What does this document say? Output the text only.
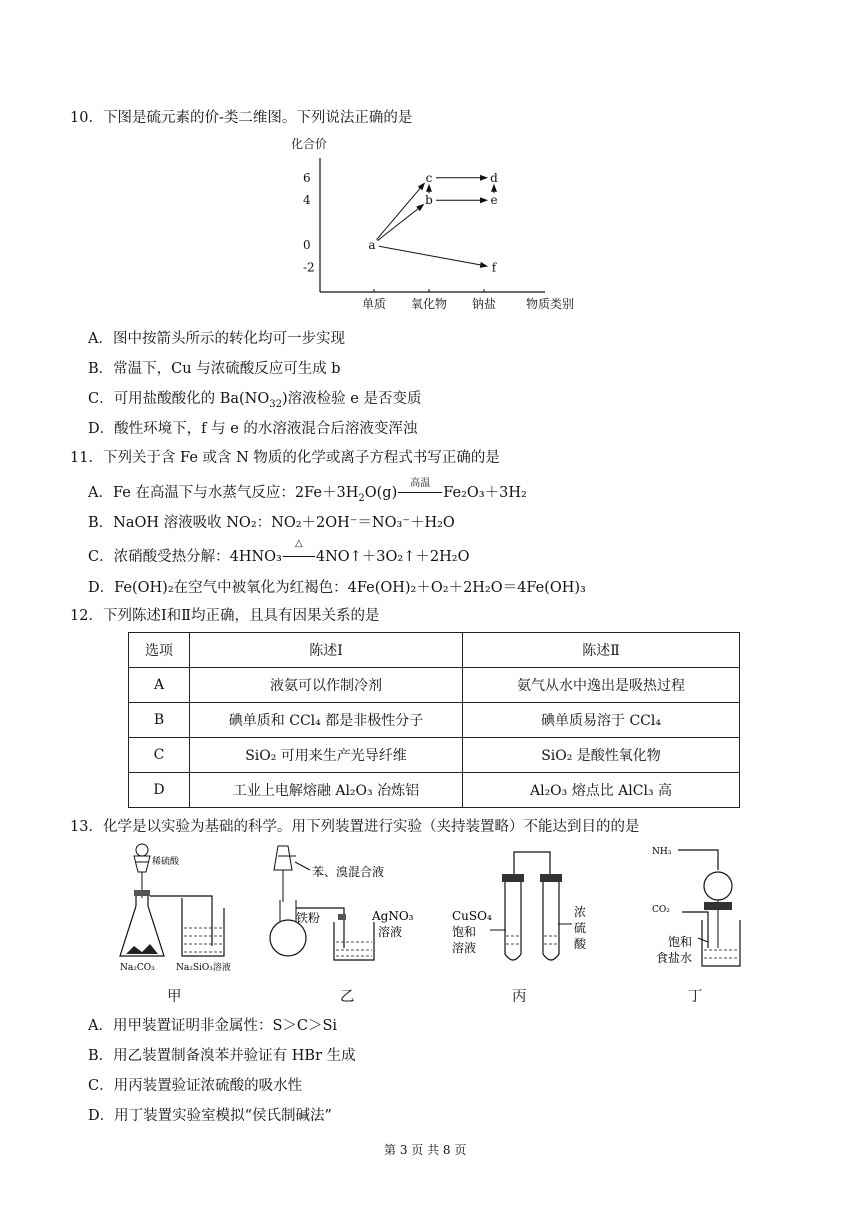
10．下图是硫元素的价-类二维图。下列说法正确的是
化合价
6
4
0
-2
单质 氧化物 钠盐
a
b
c	d
e
f
物质类别
A．图中按箭头所示的转化均可一步实现
B．常温下，Cu 与浓硫酸反应可生成 b
C．可用盐酸酸化的 $Ba(NO_{32})$溶液检验 e 是否变质
D．酸性环境下，f 与 e 的水溶液混合后溶液变浑浊
11．下列关于含 Fe 或含 N 物质的化学或离子方程式书写正确的是
A．Fe 在高温下与水蒸气反应：$2Fe+3H_2O(g)$
高温
Fe₂O₃＋3H₂
B．NaOH 溶液吸收 NO₂：NO₂＋2OH⁻＝NO₃⁻＋H₂O
C．浓硝酸受热分解：4HNO₃
△
4NO↑＋3O₂↑＋2H₂O
D．Fe(OH)₂在空气中被氧化为红褐色：4Fe(OH)₂＋O₂＋2H₂O＝4Fe(OH)₃
12．下列陈述Ⅰ和Ⅱ均正确，且具有因果关系的是
选项	陈述Ⅰ	陈述Ⅱ
A	液氨可以作制冷剂	氨气从水中逸出是吸热过程
B	碘单质和 CCl₄ 都是非极性分子	碘单质易溶于 CCl₄
C	SiO₂ 可用来生产光导纤维	SiO₂ 是酸性氧化物
D	工业上电解熔融 Al₂O₃ 冶炼铝	Al₂O₃ 熔点比 AlCl₃ 高
13．化学是以实验为基础的科学。用下列装置进行实验（夹持装置略）不能达到目的的是
稀硫酸
Na₂CO₃ Na₂SiO₃溶液
苯、溴混合液
铁粉	AgNO₃
溶液
CuSO₄
饱和
溶液
浓
硫
酸
NH₃
CO₂
饱和
食盐水
甲	乙	丙	丁
A．用甲装置证明非金属性：S＞C＞Si
B．用乙装置制备溴苯并验证有 HBr 生成
C．用丙装置验证浓硫酸的吸水性
D．用丁装置实验室模拟“侯氏制碱法”
第 3 页 共 8 页
